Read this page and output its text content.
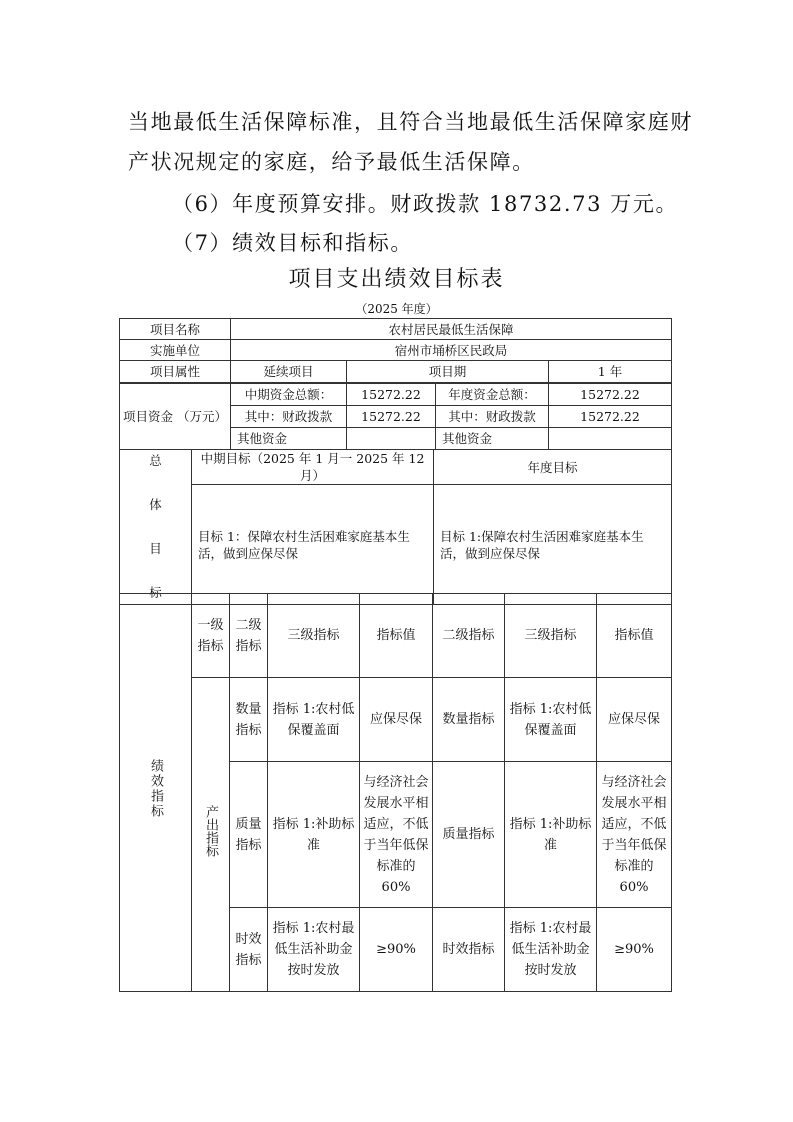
当地最低生活保障标准，且符合当地最低生活保障家庭财
产状况规定的家庭，给予最低生活保障。
（6）年度预算安排。财政拨款 18732.73 万元。
（7）绩效目标和指标。
项目支出绩效目标表
（2025 年度）
项目名称	农村居民最低生活保障		
实施单位	宿州市埇桥区民政局		
项目属性	延续项目	项目期	1 年
项目资金 （万元）	中期资金总额：	15272.22	年度资金总额：	15272.22
	其中：财政拨款	15272.22	其中：财政拨款	15272.22
	其他资金		其他资金	
总

体

目

标	中期目标（2025 年 1 月一 2025 年 12 月）	年度目标
	目标 1：保障农村生活困难家庭基本生活，做到应保尽保	目标 1:保障农村生活困难家庭基本生活，做到应保尽保
绩效指标	一级指标	二级指标	三级指标	指标值	二级指标	三级指标	指标值
	产出指标	数量指标	指标 1:农村低保覆盖面	应保尽保	数量指标	指标 1:农村低保覆盖面	应保尽保
		质量指标	指标 1:补助标准	与经济社会发展水平相适应，不低于当年低保标准的 60%	质量指标	指标 1:补助标准	与经济社会发展水平相适应，不低于当年低保标准的 60%
		时效指标	指标 1:农村最低生活补助金按时发放	≥90%	时效指标	指标 1:农村最低生活补助金按时发放	≥90%
